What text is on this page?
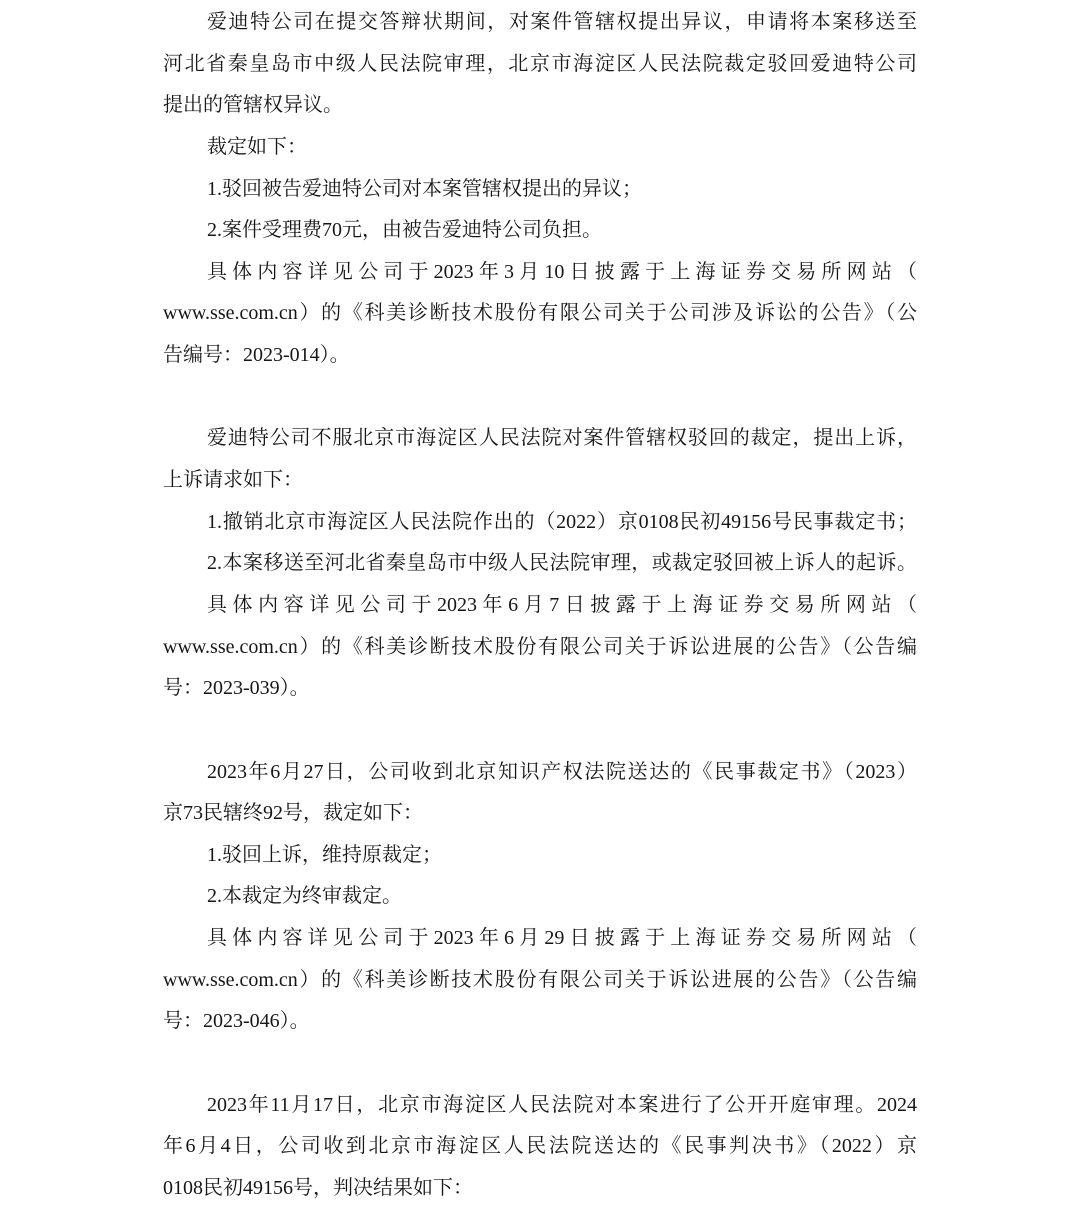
爱迪特公司在提交答辩状期间，对案件管辖权提出异议，申请将本案移送至
河北省秦皇岛市中级人民法院审理，北京市海淀区人民法院裁定驳回爱迪特公司
提出的管辖权异议。
裁定如下：
1.驳回被告爱迪特公司对本案管辖权提出的异议；
2.案件受理费70元，由被告爱迪特公司负担。
具体内容详见公司于2023年3月10日披露于上海证券交易所网站（
www.sse.com.cn）的《科美诊断技术股份有限公司关于公司涉及诉讼的公告》（公
告编号：2023-014）。
爱迪特公司不服北京市海淀区人民法院对案件管辖权驳回的裁定，提出上诉，
上诉请求如下：
1.撤销北京市海淀区人民法院作出的（2022）京0108民初49156号民事裁定书；
2.本案移送至河北省秦皇岛市中级人民法院审理，或裁定驳回被上诉人的起诉。
具体内容详见公司于2023年6月7日披露于上海证券交易所网站（
www.sse.com.cn）的《科美诊断技术股份有限公司关于诉讼进展的公告》（公告编
号：2023-039）。
2023年6月27日，公司收到北京知识产权法院送达的《民事裁定书》（2023）
京73民辖终92号，裁定如下：
1.驳回上诉，维持原裁定；
2.本裁定为终审裁定。
具体内容详见公司于2023年6月29日披露于上海证券交易所网站（
www.sse.com.cn）的《科美诊断技术股份有限公司关于诉讼进展的公告》（公告编
号：2023-046）。
2023年11月17日，北京市海淀区人民法院对本案进行了公开开庭审理。2024
年6月4日，公司收到北京市海淀区人民法院送达的《民事判决书》（2022）京
0108民初49156号，判决结果如下：
